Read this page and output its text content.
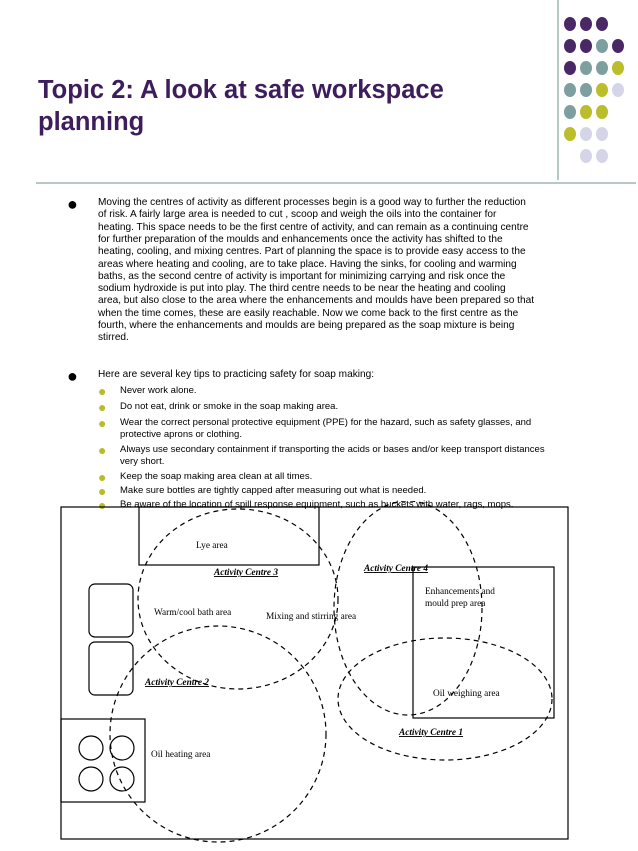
Topic 2: A look at safe workspace
planning
● Moving the centres of activity as different processes begin is a good way to further the reduction
of risk. A fairly large area is needed to cut , scoop and weigh the oils into the container for
heating. This space needs to be the first centre of activity, and can remain as a continuing centre
for further preparation of the moulds and enhancements once the activity has shifted to the
heating, cooling, and mixing centres. Part of planning the space is to provide easy access to the
areas where heating and cooling, are to take place. Having the sinks, for cooling and warming
baths, as the second centre of activity is important for minimizing carrying and risk once the
sodium hydroxide is put into play. The third centre needs to be near the heating and cooling
area, but also close to the area where the enhancements and moulds have been prepared so that
when the time comes, these are easily reachable. Now we come back to the first centre as the
fourth, where the enhancements and moulds are being prepared as the soap mixture is being
stirred.
● Here are several key tips to practicing safety for soap making:
● Never work alone.
● Do not eat, drink or smoke in the soap making area.
● Wear the correct personal protective equipment (PPE) for the hazard, such as safety glasses, and
protective aprons or clothing.
● Always use secondary containment if transporting the acids or bases and/or keep transport distances
very short.
● Keep the soap making area clean at all times.
● Make sure bottles are tightly capped after measuring out what is needed.
● Be aware of the location of spill response equipment, such as buckets with water, rags, mops.
Lye area
Activity Centre 3	Activity Centre 4
Enhancements and
mould prep area
Warm/cool bath area	Mixing and stirring area
Activity Centre 2
Oil weighing area
Activity Centre 1
Oil heating area
